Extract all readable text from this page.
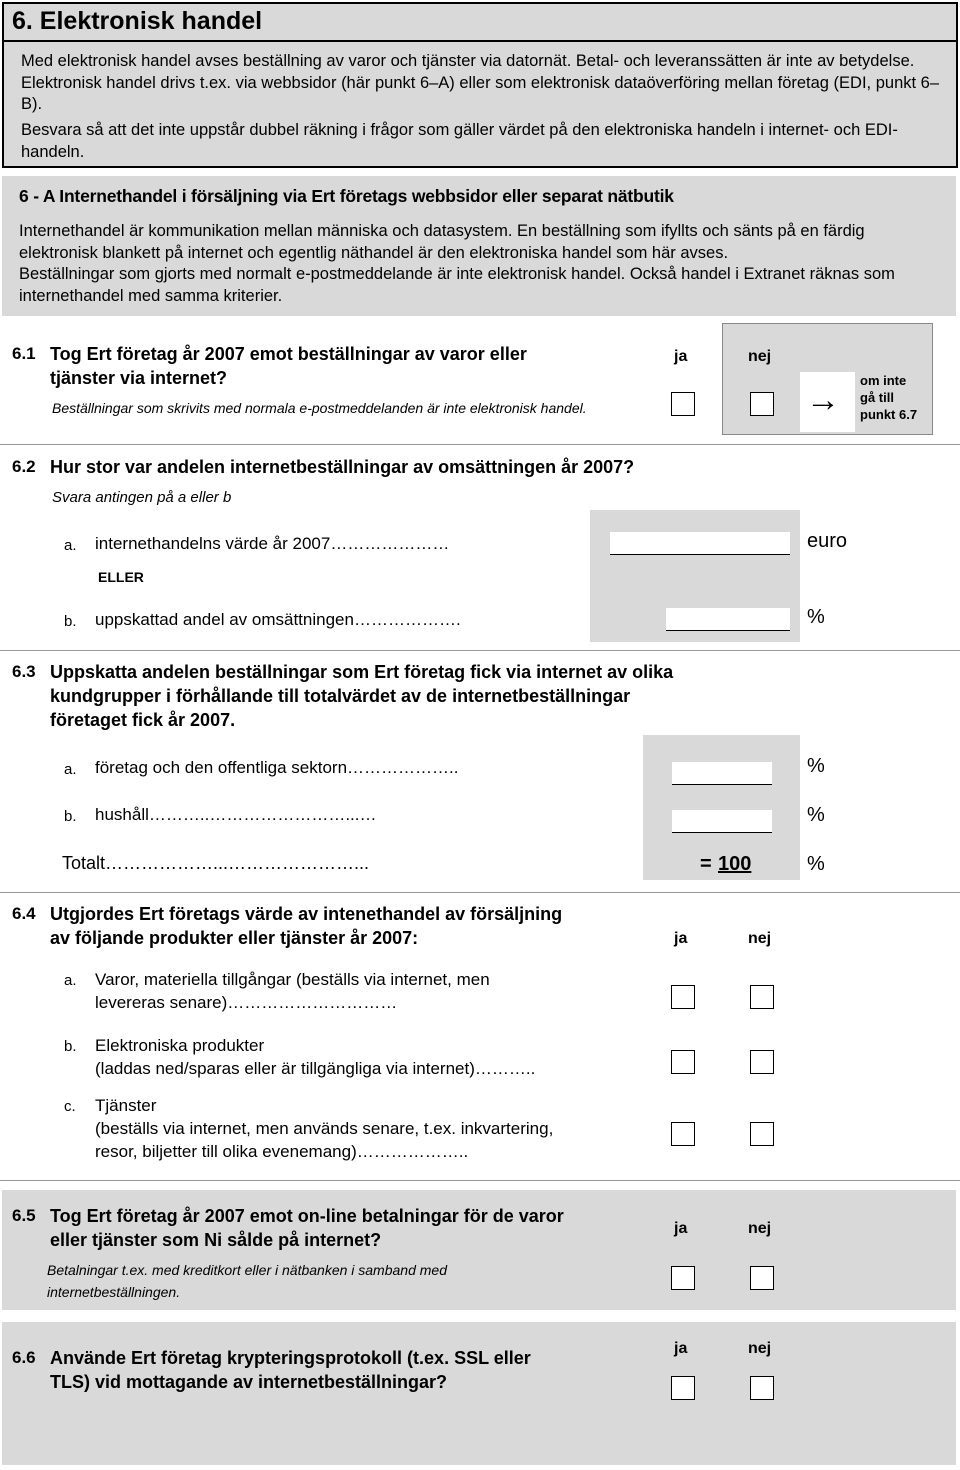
6. Elektronisk handel
Med elektronisk handel avses beställning av varor och tjänster via datornät. Betal- och leveranssätten är inte av betydelse. Elektronisk handel drivs t.ex. via webbsidor (här punkt 6–A) eller som elektronisk dataöverföring mellan företag (EDI, punkt 6–B).
Besvara så att det inte uppstår dubbel räkning i frågor som gäller värdet på den elektroniska handeln i internet- och EDI-handeln.
6 - A Internethandel i försäljning via Ert företags webbsidor eller separat nätbutik
Internethandel är kommunikation mellan människa och datasystem. En beställning som ifyllts och sänts på en färdig elektronisk blankett på internet och egentlig näthandel är den elektroniska handel som här avses.
Beställningar som gjorts med normalt e-postmeddelande är inte elektronisk handel. Också handel i Extranet räknas som internethandel med samma kriterier.
6.1 Tog Ert företag år 2007 emot beställningar av varor eller
tjänster via internet?
Beställningar som skrivits med normala e-postmeddelanden är inte elektronisk handel.
ja	nej
→
om inte
gå till
punkt 6.7
6.2 Hur stor var andelen internetbeställningar av omsättningen år 2007?
Svara antingen på a eller b
a. internethandelns värde år 2007…………………	euro
ELLER
b. uppskattad andel av omsättningen……………….	%
6.3 Uppskatta andelen beställningar som Ert företag fick via internet av olika
kundgrupper i förhållande till totalvärdet av de internetbeställningar
företaget fick år 2007.
a. företag och den offentliga sektorn………………..	%
b. hushåll………..……………………...…	%
Totalt………………...…………………...	= 100	%
6.4 Utgjordes Ert företags värde av intenethandel av försäljning
av följande produkter eller tjänster år 2007:	ja	nej
a. Varor, materiella tillgångar (beställs via internet, men
levereras senare)…………………………
b. Elektroniska produkter
(laddas ned/sparas eller är tillgängliga via internet)………..
c. Tjänster
(beställs via internet, men används senare, t.ex. inkvartering,
resor, biljetter till olika evenemang)………………..
6.5 Tog Ert företag år 2007 emot on-line betalningar för de varor
eller tjänster som Ni sålde på internet?
Betalningar t.ex. med kreditkort eller i nätbanken i samband med
internetbeställningen.
ja	nej
6.6 Använde Ert företag krypteringsprotokoll (t.ex. SSL eller
TLS) vid mottagande av internetbeställningar?
ja	nej
